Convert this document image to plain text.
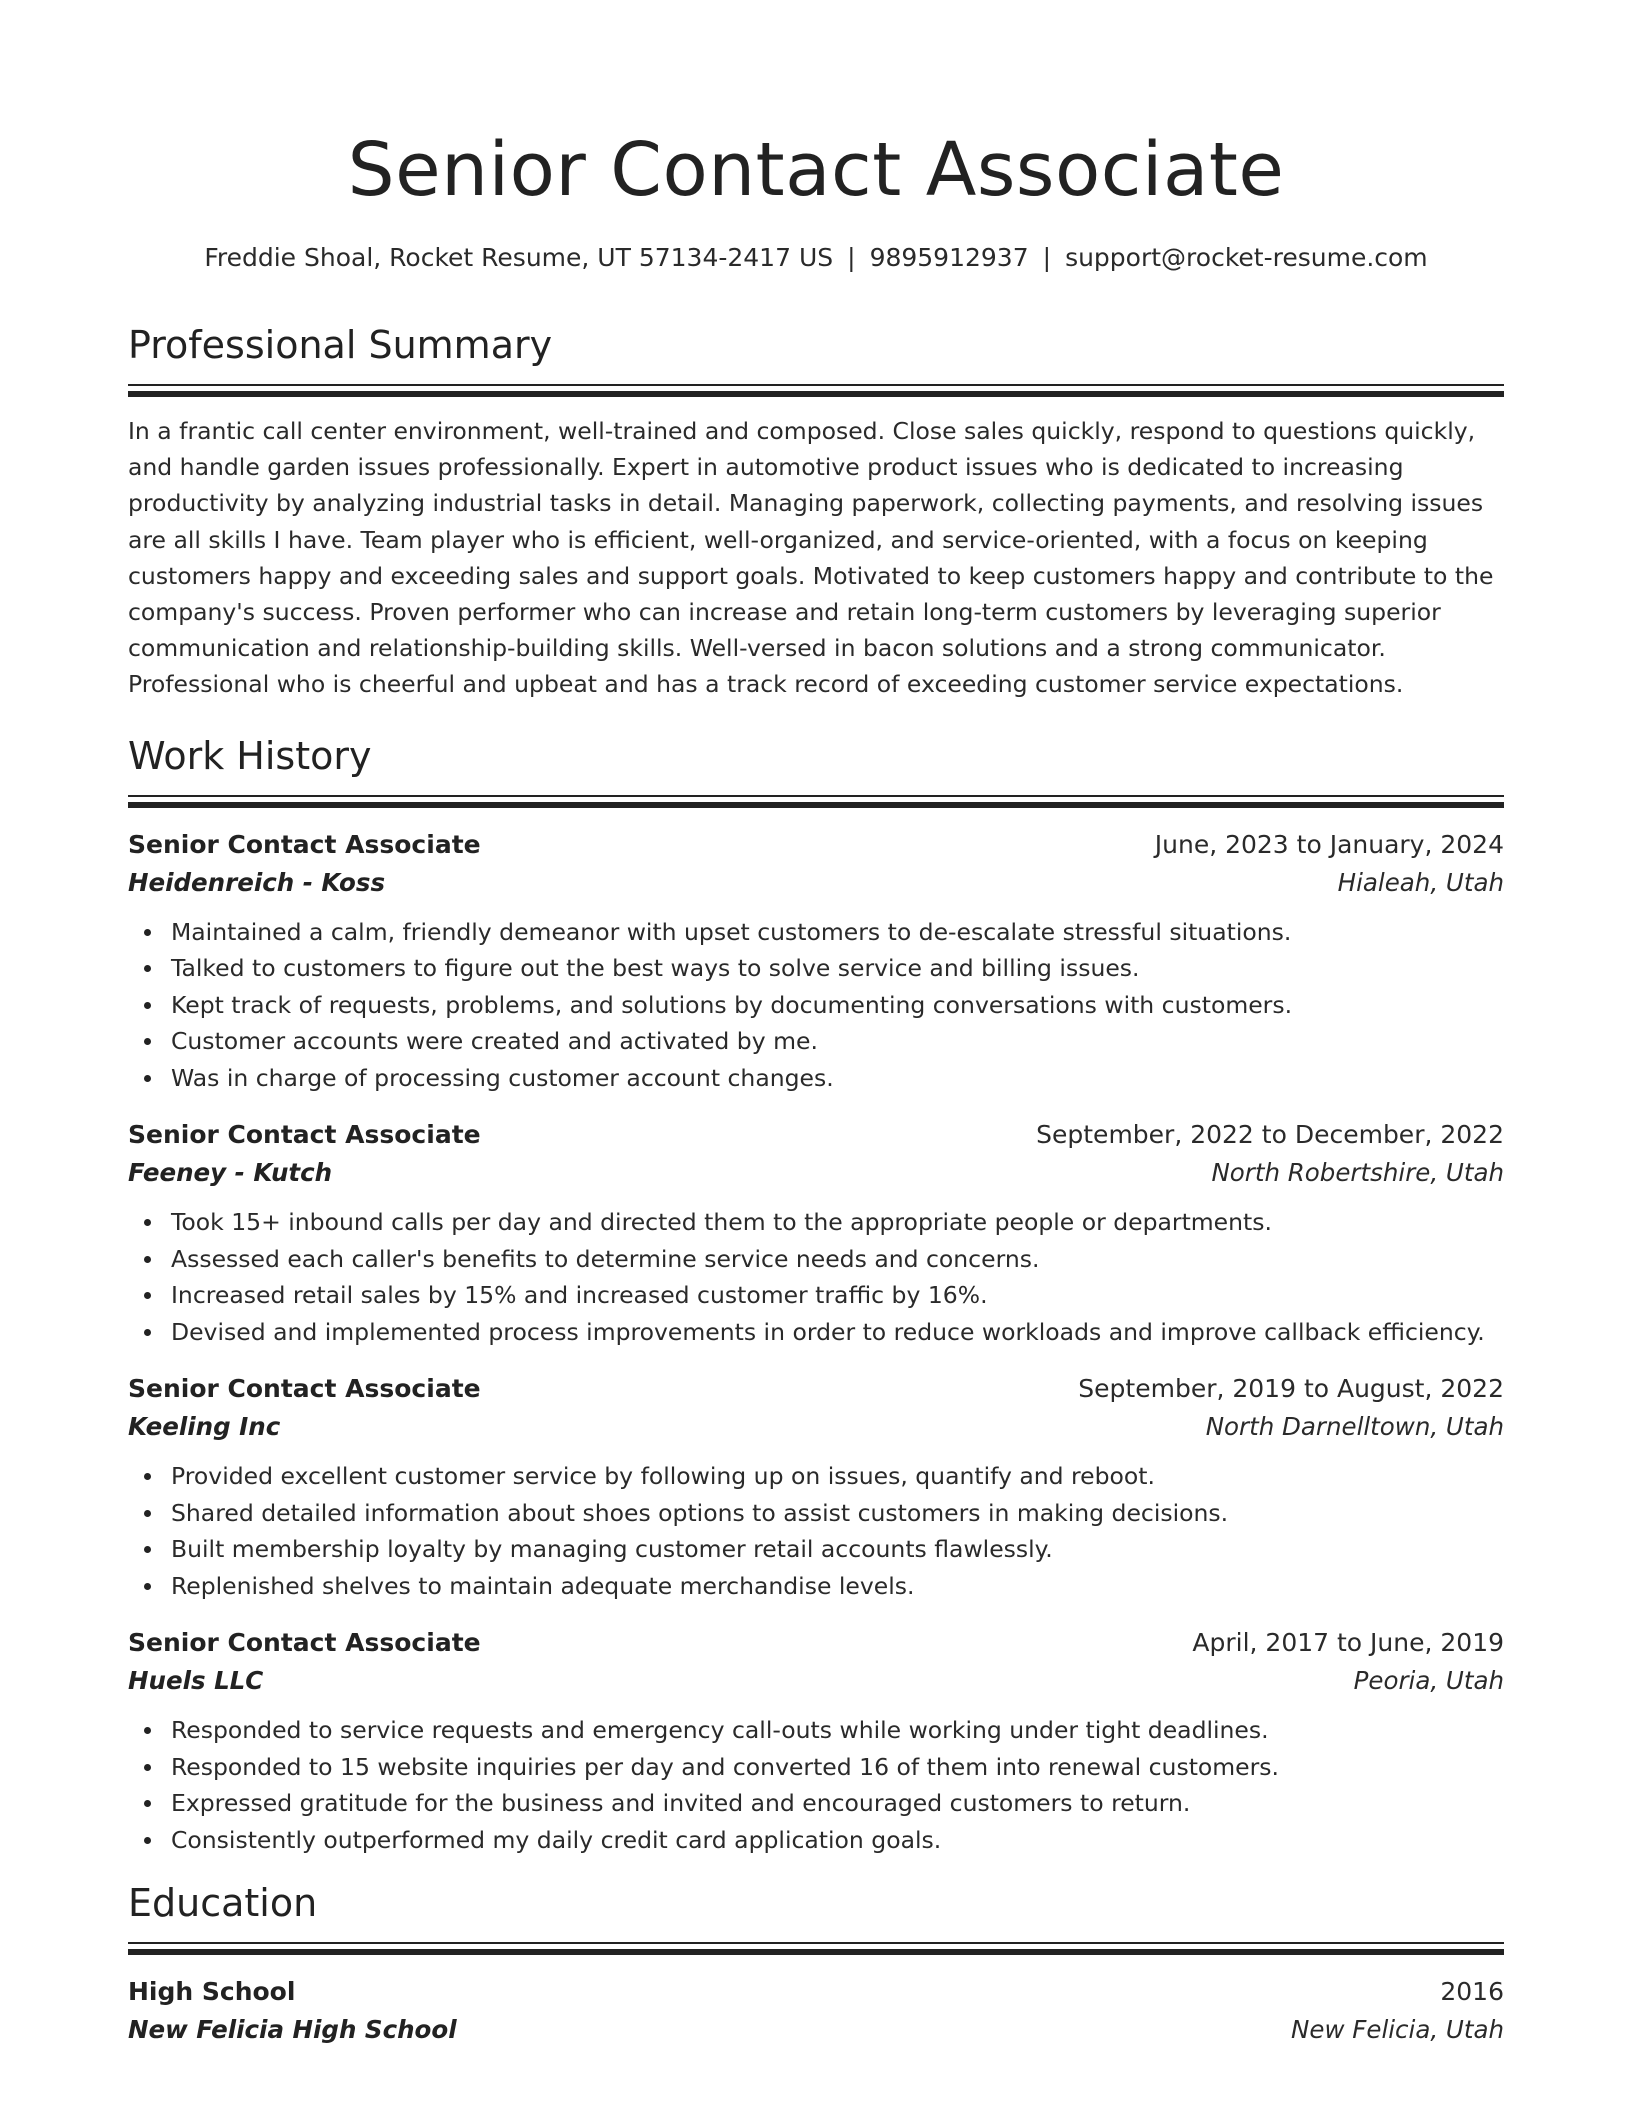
Senior Contact Associate
Freddie Shoal, Rocket Resume, UT 57134-2417 US | 9895912937 | support@rocket-resume.com
Professional Summary

In a frantic call center environment, well-trained and composed. Close sales quickly, respond to questions quickly, and handle garden issues professionally. Expert in automotive product issues who is dedicated to increasing productivity by analyzing industrial tasks in detail. Managing paperwork, collecting payments, and resolving issues are all skills I have. Team player who is efficient, well-organized, and service-oriented, with a focus on keeping customers happy and exceeding sales and support goals. Motivated to keep customers happy and contribute to the company's success. Proven performer who can increase and retain long-term customers by leveraging superior communication and relationship-building skills. Well-versed in bacon solutions and a strong communicator. Professional who is cheerful and upbeat and has a track record of exceeding customer service expectations.

Work History
Senior Contact Associate	June, 2023 to January, 2024
Heidenreich - Koss	Hialeah, Utah
Maintained a calm, friendly demeanor with upset customers to de-escalate stressful situations.
Talked to customers to figure out the best ways to solve service and billing issues.
Kept track of requests, problems, and solutions by documenting conversations with customers.
Customer accounts were created and activated by me.
Was in charge of processing customer account changes.
Senior Contact Associate	September, 2022 to December, 2022
Feeney - Kutch	North Robertshire, Utah
Took 15+ inbound calls per day and directed them to the appropriate people or departments.
Assessed each caller's benefits to determine service needs and concerns.
Increased retail sales by 15% and increased customer traffic by 16%.
Devised and implemented process improvements in order to reduce workloads and improve callback efficiency.
Senior Contact Associate	September, 2019 to August, 2022
Keeling Inc	North Darnelltown, Utah
Provided excellent customer service by following up on issues, quantify and reboot.
Shared detailed information about shoes options to assist customers in making decisions.
Built membership loyalty by managing customer retail accounts flawlessly.
Replenished shelves to maintain adequate merchandise levels.
Senior Contact Associate	April, 2017 to June, 2019
Huels LLC	Peoria, Utah
Responded to service requests and emergency call-outs while working under tight deadlines.
Responded to 15 website inquiries per day and converted 16 of them into renewal customers.
Expressed gratitude for the business and invited and encouraged customers to return.
Consistently outperformed my daily credit card application goals.
Education
High School	2016
New Felicia High School	New Felicia, Utah
